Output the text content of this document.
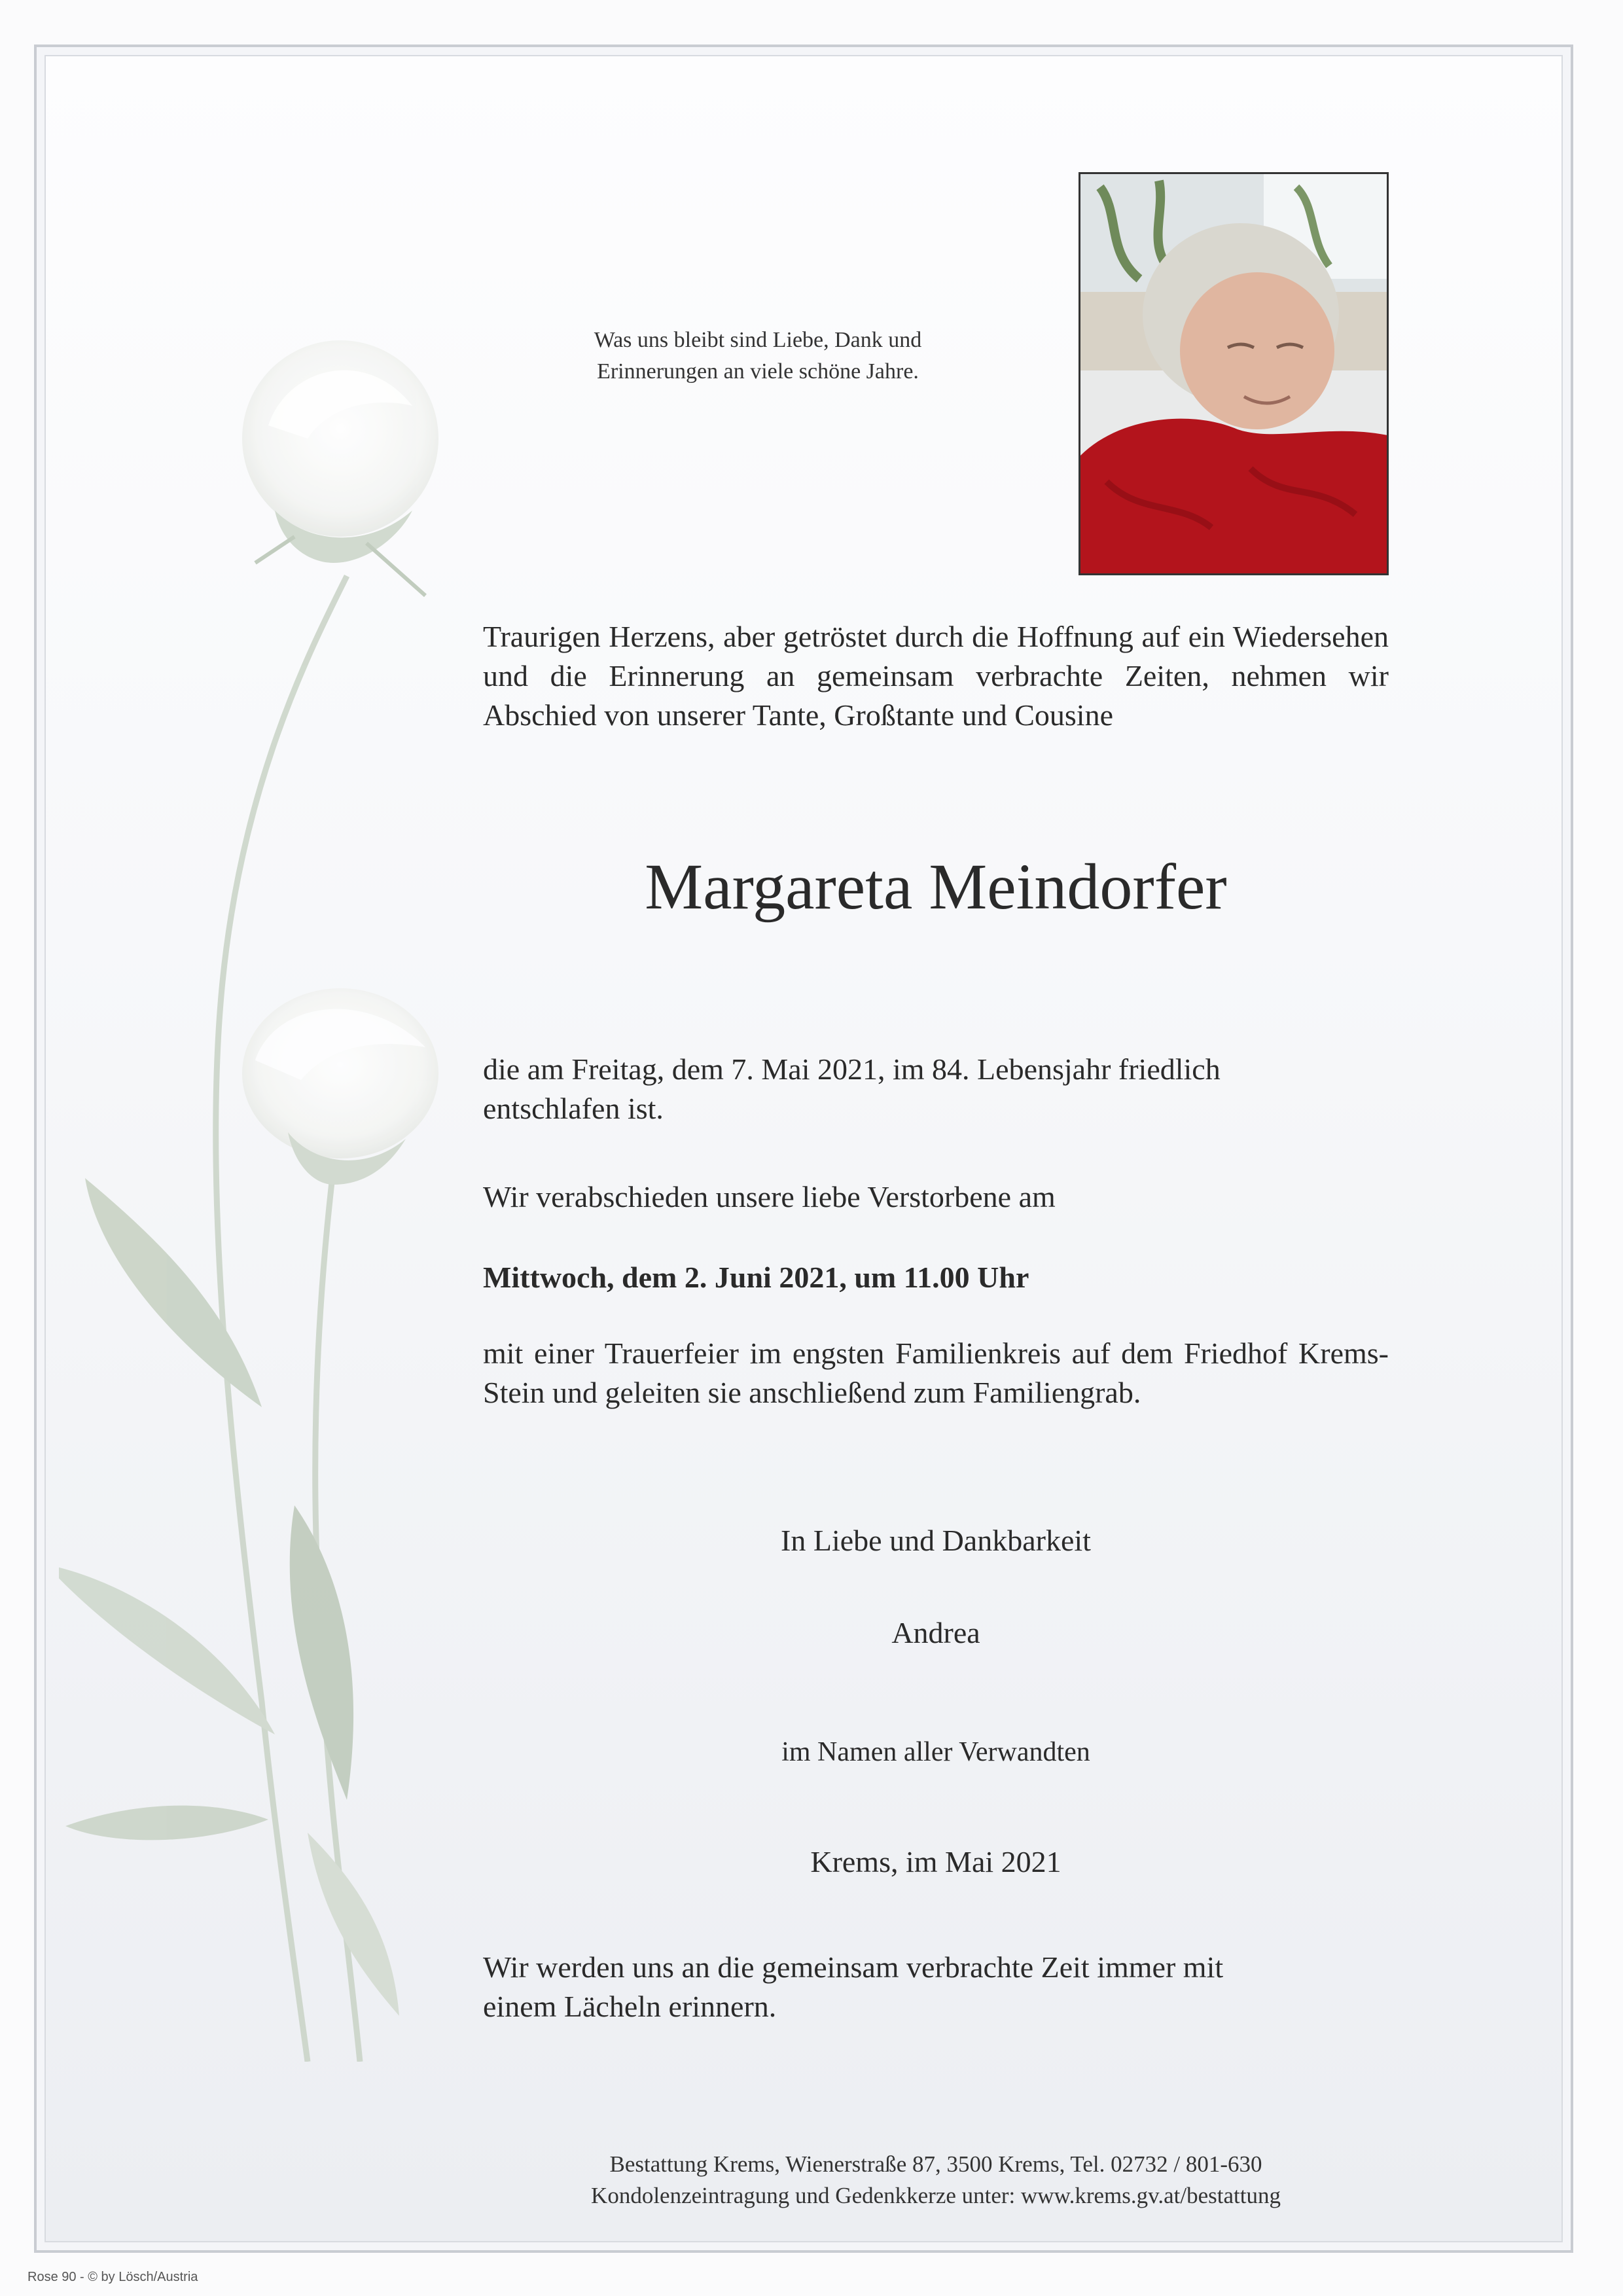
Was uns bleibt sind Liebe, Dank und
Erinnerungen an viele schöne Jahre.
Traurigen Herzens, aber getröstet durch die Hoffnung auf ein Wiedersehen und die Erinnerung an gemeinsam verbrachte Zeiten, nehmen wir Abschied von unserer Tante, Großtante und Cousine
Margareta Meindorfer
die am Freitag, dem 7. Mai 2021, im 84. Lebensjahr friedlich
entschlafen ist.
Wir verabschieden unsere liebe Verstorbene am
Mittwoch, dem 2. Juni 2021, um 11.00 Uhr
mit einer Trauerfeier im engsten Familienkreis auf dem Friedhof Krems-Stein und geleiten sie anschließend zum Familiengrab.
In Liebe und Dankbarkeit
Andrea
im Namen aller Verwandten
Krems, im Mai 2021
Wir werden uns an die gemeinsam verbrachte Zeit immer mit
einem Lächeln erinnern.
Bestattung Krems, Wienerstraße 87, 3500 Krems, Tel. 02732 / 801-630
Kondolenzeintragung und Gedenkkerze unter: www.krems.gv.at/bestattung
Rose 90 - © by Lösch/Austria
